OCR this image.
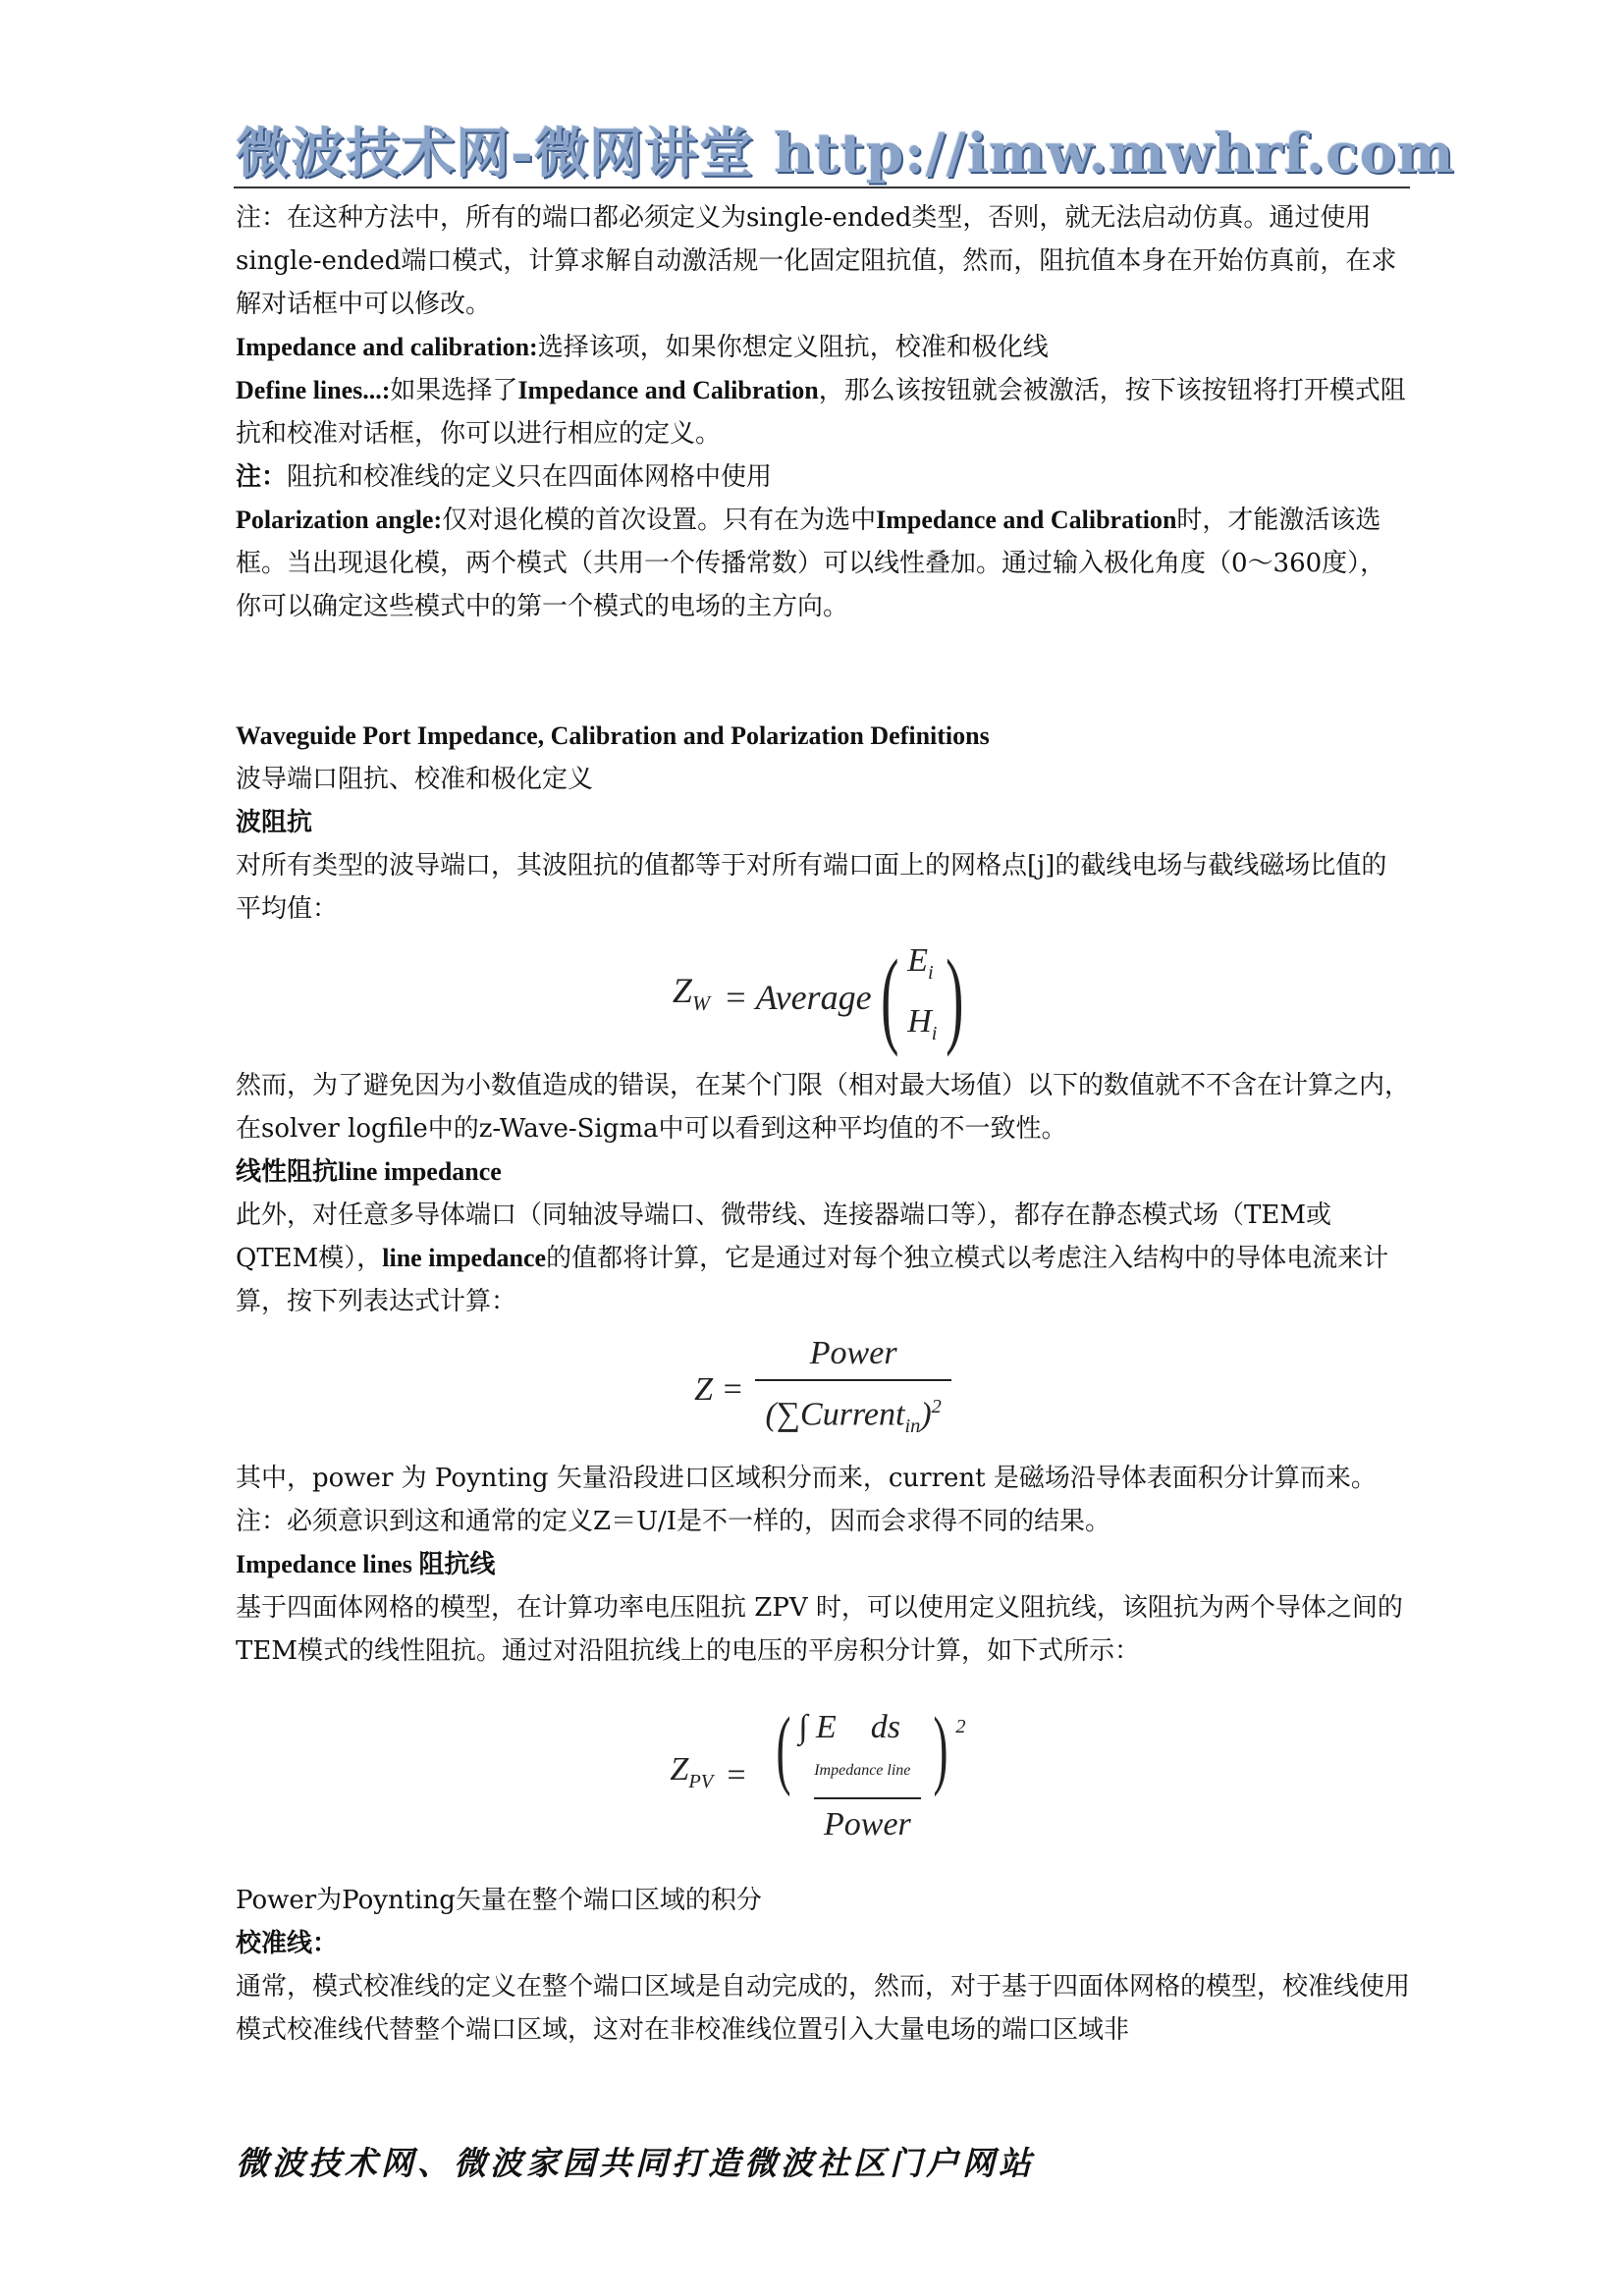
微波技术网-微网讲堂 http://imw.mwhrf.com

注：在这种方法中，所有的端口都必须定义为single-ended类型，否则，就无法启动仿真。通过使用single-ended端口模式，计算求解自动激活规一化固定阻抗值，然而，阻抗值本身在开始仿真前，在求解对话框中可以修改。

Impedance and calibration:选择该项，如果你想定义阻抗，校准和极化线

Define lines...:如果选择了Impedance and Calibration，那么该按钮就会被激活，按下该按钮将打开模式阻抗和校准对话框，你可以进行相应的定义。

注：阻抗和校准线的定义只在四面体网格中使用

Polarization angle:仅对退化模的首次设置。只有在为选中Impedance and Calibration时，才能激活该选框。当出现退化模，两个模式（共用一个传播常数）可以线性叠加。通过输入极化角度（0～360度），你可以确定这些模式中的第一个模式的电场的主方向。

Waveguide Port Impedance, Calibration and Polarization Definitions

波导端口阻抗、校准和极化定义

波阻抗

对所有类型的波导端口，其波阻抗的值都等于对所有端口面上的网格点[j]的截线电场与截线磁场比值的平均值：

$Z_W$ = Average ( $E_i$
$H_i$ )

然而，为了避免因为小数值造成的错误，在某个门限（相对最大场值）以下的数值就不不含在计算之内，在solver logfile中的z-Wave-Sigma中可以看到这种平均值的不一致性。

线性阻抗line impedance

此外，对任意多导体端口（同轴波导端口、微带线、连接器端口等），都存在静态模式场（TEM或QTEM模），line impedance的值都将计算，它是通过对每个独立模式以考虑注入结构中的导体电流来计算，按下列表达式计算：

$Z = \frac{\text{Power}}{(\sum Current_{in})^2}$

其中，power 为 Poynting 矢量沿段进口区域积分而来，current 是磁场沿导体表面积分计算而来。

注：必须意识到这和通常的定义Z＝U/I是不一样的，因而会求得不同的结果。

Impedance lines 阻抗线

基于四面体网格的模型，在计算功率电压阻抗 ZPV 时，可以使用定义阻抗线，该阻抗为两个导体之间的TEM模式的线性阻抗。通过对沿阻抗线上的电压的平房积分计算，如下式所示：

$Z_{PV}$ = ( ∫ E⃗ ds⃗
Impedance line ) $^2$
Power

Power为Poynting矢量在整个端口区域的积分

校准线：

通常，模式校准线的定义在整个端口区域是自动完成的，然而，对于基于四面体网格的模型，校准线使用模式校准线代替整个端口区域，这对在非校准线位置引入大量电场的端口区域非

微波技术网、微波家园共同打造微波社区门户网站
